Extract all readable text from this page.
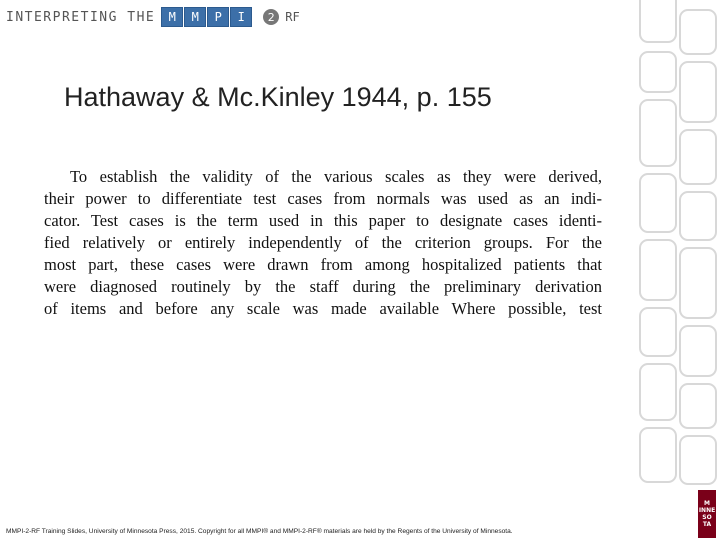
INTERPRETING THE	M	M	P	I	2 RF
Hathaway & Mc.Kinley 1944, p. 155
To establish the validity of the various scales as they were derived,
their power to differentiate test cases from normals was used as an indi-
cator. Test cases is the term used in this paper to designate cases identi-
fied relatively or entirely independently of the criterion groups. For the
most part, these cases were drawn from among hospitalized patients that
were diagnosed routinely by the staff during the preliminary derivation
of items and before any scale was made available Where possible, test
MMPI-2-RF Training Slides, University of Minnesota Press, 2015. Copyright for all MMPI® and MMPI-2-RF® materials are held by the Regents of the University of Minnesota.
M
INNE
SO
TA
